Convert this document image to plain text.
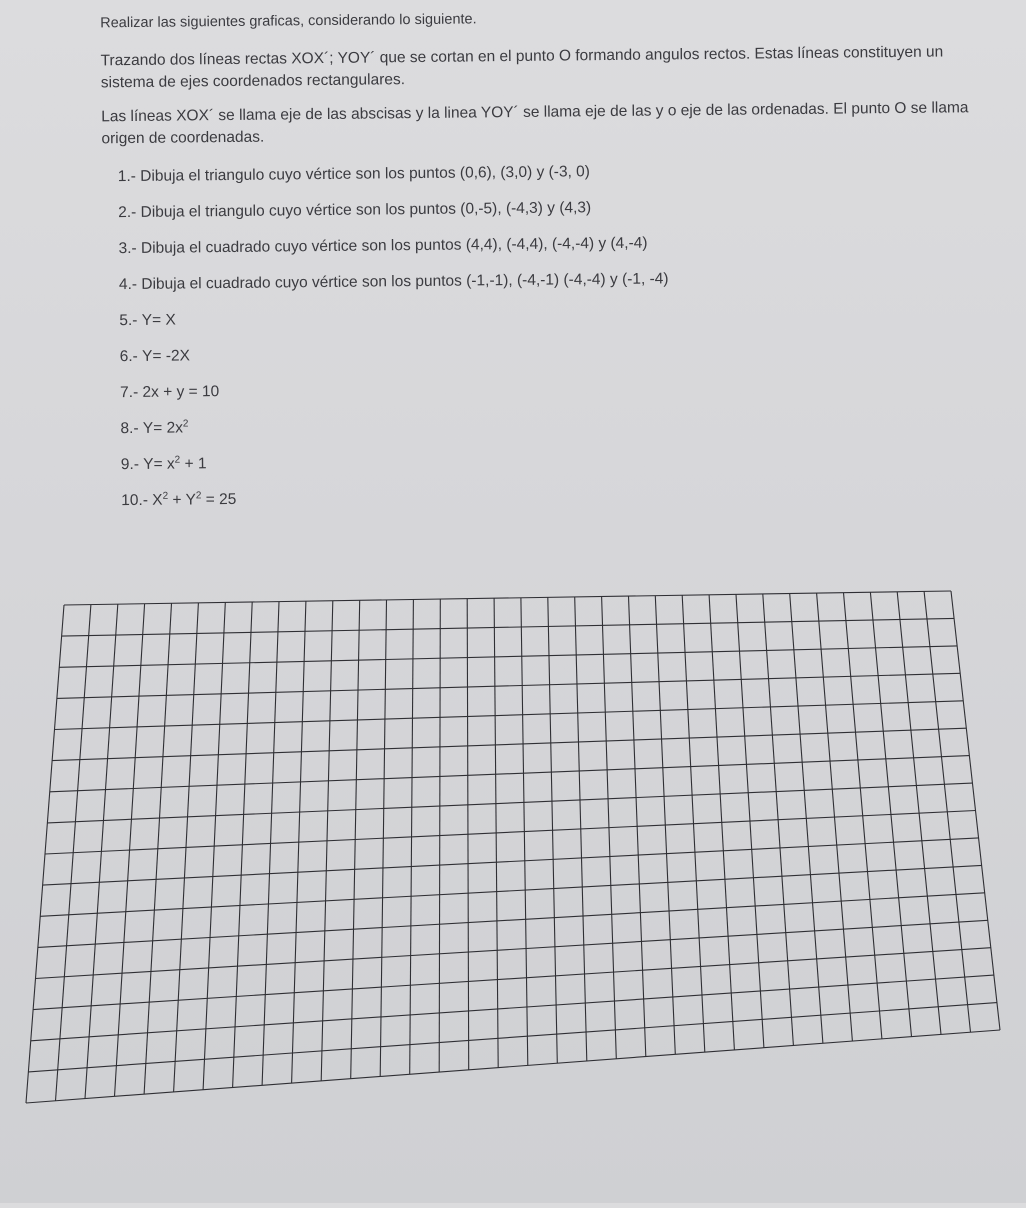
Realizar las siguientes graficas, considerando lo siguiente.

Trazando dos líneas rectas XOX´; YOY´ que se cortan en el punto O formando angulos rectos. Estas líneas constituyen un sistema de ejes coordenados rectangulares.

Las líneas XOX´ se llama eje de las abscisas y la linea YOY´ se llama eje de las y o eje de las ordenadas. El punto O se llama origen de coordenadas.

1.- Dibuja el triangulo cuyo vértice son los puntos (0,6), (3,0) y (-3, 0)
2.- Dibuja el triangulo cuyo vértice son los puntos (0,-5), (-4,3) y (4,3)
3.- Dibuja el cuadrado cuyo vértice son los puntos (4,4), (-4,4), (-4,-4) y (4,-4)
4.- Dibuja el cuadrado cuyo vértice son los puntos (-1,-1), (-4,-1) (-4,-4) y (-1, -4)
5.- Y= X
6.- Y= -2X
7.- 2x + y = 10
8.- $Y= 2x^2$
9.- $Y= x^2 + 1$
10.- $X^2 + Y^2 = 25$
